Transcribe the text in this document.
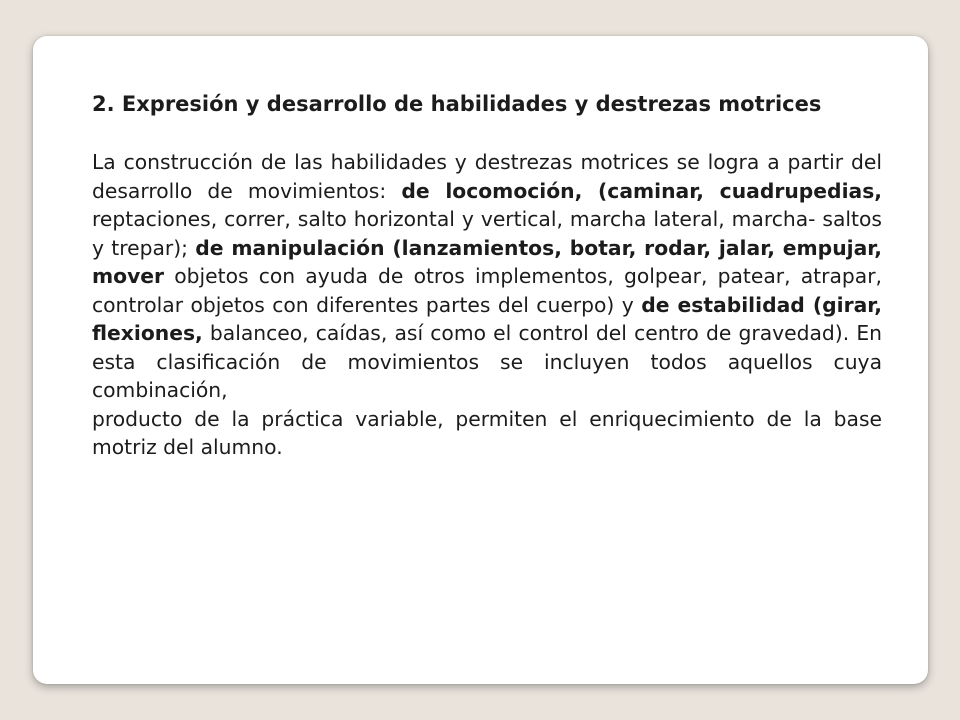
2. Expresión y desarrollo de habilidades y destrezas motrices

La construcción de las habilidades y destrezas motrices se logra a partir del desarrollo de movimientos: de locomoción, (caminar, cuadrupedias, reptaciones, correr, salto horizontal y vertical, marcha lateral, marcha- saltos y trepar); de manipulación (lanzamientos, botar, rodar, jalar, empujar, mover objetos con ayuda de otros implementos, golpear, patear, atrapar, controlar objetos con diferentes partes del cuerpo) y de estabilidad (girar, flexiones, balanceo, caídas, así como el control del centro de gravedad). En esta clasificación de movimientos se incluyen todos aquellos cuya combinación,
producto de la práctica variable, permiten el enriquecimiento de la base motriz del alumno.
